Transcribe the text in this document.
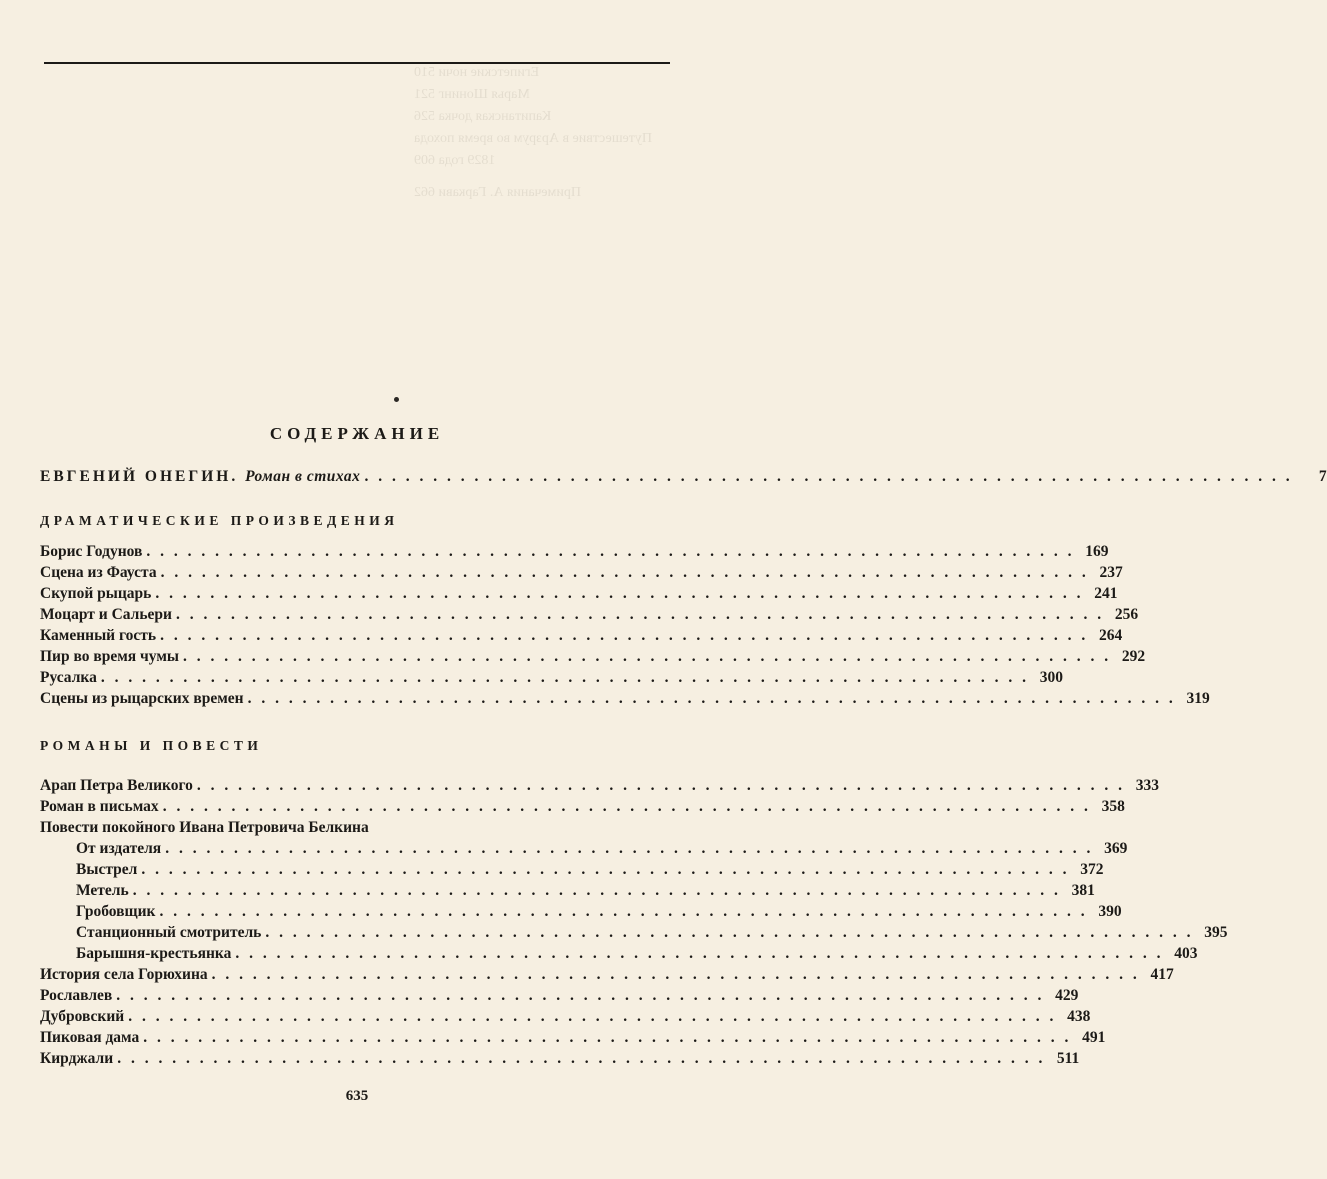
Египетские ночи 510
Марья Шонинг 521
Капитанская дочка 526
Путешествие в Арзрум во время похода 1829 года 609
Примечания А. Гаркави 662
СОДЕРЖАНИЕ
ЕВГЕНИЙ ОНЕГИН. Роман в стихах . . . . . . . . . . . . . . . . . . . . . . . . . . . . . . . . . . . . . . . . . . . . . . . . . . . . . . . . . . . . . . . . . . . .	7
ДРАМАТИЧЕСКИЕ ПРОИЗВЕДЕНИЯ
Борис Годунов . . . . . . . . . . . . . . . . . . . . . . . . . . . . . . . . . . . . . . . . . . . . . . . . . . . . . . . . . . . . . . . . . . . . 169
Сцена из Фауста . . . . . . . . . . . . . . . . . . . . . . . . . . . . . . . . . . . . . . . . . . . . . . . . . . . . . . . . . . . . . . . . . . . . 237
Скупой рыцарь . . . . . . . . . . . . . . . . . . . . . . . . . . . . . . . . . . . . . . . . . . . . . . . . . . . . . . . . . . . . . . . . . . . . 241
Моцарт и Сальери . . . . . . . . . . . . . . . . . . . . . . . . . . . . . . . . . . . . . . . . . . . . . . . . . . . . . . . . . . . . . . . . . . . . 256
Каменный гость . . . . . . . . . . . . . . . . . . . . . . . . . . . . . . . . . . . . . . . . . . . . . . . . . . . . . . . . . . . . . . . . . . . . 264
Пир во время чумы . . . . . . . . . . . . . . . . . . . . . . . . . . . . . . . . . . . . . . . . . . . . . . . . . . . . . . . . . . . . . . . . . . . . 292
Русалка . . . . . . . . . . . . . . . . . . . . . . . . . . . . . . . . . . . . . . . . . . . . . . . . . . . . . . . . . . . . . . . . . . . . 300
Сцены из рыцарских времен . . . . . . . . . . . . . . . . . . . . . . . . . . . . . . . . . . . . . . . . . . . . . . . . . . . . . . . . . . . . . . . . . . . . 319
РОМАНЫ И ПОВЕСТИ
Арап Петра Великого . . . . . . . . . . . . . . . . . . . . . . . . . . . . . . . . . . . . . . . . . . . . . . . . . . . . . . . . . . . . . . . . . . . . 333
Роман в письмах . . . . . . . . . . . . . . . . . . . . . . . . . . . . . . . . . . . . . . . . . . . . . . . . . . . . . . . . . . . . . . . . . . . . 358
Повести покойного Ивана Петровича Белкина
От издателя . . . . . . . . . . . . . . . . . . . . . . . . . . . . . . . . . . . . . . . . . . . . . . . . . . . . . . . . . . . . . . . . . . . . 369
Выстрел . . . . . . . . . . . . . . . . . . . . . . . . . . . . . . . . . . . . . . . . . . . . . . . . . . . . . . . . . . . . . . . . . . . . 372
Метель . . . . . . . . . . . . . . . . . . . . . . . . . . . . . . . . . . . . . . . . . . . . . . . . . . . . . . . . . . . . . . . . . . . . 381
Гробовщик . . . . . . . . . . . . . . . . . . . . . . . . . . . . . . . . . . . . . . . . . . . . . . . . . . . . . . . . . . . . . . . . . . . . 390
Станционный смотритель . . . . . . . . . . . . . . . . . . . . . . . . . . . . . . . . . . . . . . . . . . . . . . . . . . . . . . . . . . . . . . . . . . . . 395
Барышня-крестьянка . . . . . . . . . . . . . . . . . . . . . . . . . . . . . . . . . . . . . . . . . . . . . . . . . . . . . . . . . . . . . . . . . . . . 403
История села Горюхина . . . . . . . . . . . . . . . . . . . . . . . . . . . . . . . . . . . . . . . . . . . . . . . . . . . . . . . . . . . . . . . . . . . . 417
Рославлев . . . . . . . . . . . . . . . . . . . . . . . . . . . . . . . . . . . . . . . . . . . . . . . . . . . . . . . . . . . . . . . . . . . . 429
Дубровский . . . . . . . . . . . . . . . . . . . . . . . . . . . . . . . . . . . . . . . . . . . . . . . . . . . . . . . . . . . . . . . . . . . . 438
Пиковая дама . . . . . . . . . . . . . . . . . . . . . . . . . . . . . . . . . . . . . . . . . . . . . . . . . . . . . . . . . . . . . . . . . . . . 491
Кирджали . . . . . . . . . . . . . . . . . . . . . . . . . . . . . . . . . . . . . . . . . . . . . . . . . . . . . . . . . . . . . . . . . . . . 511
635
